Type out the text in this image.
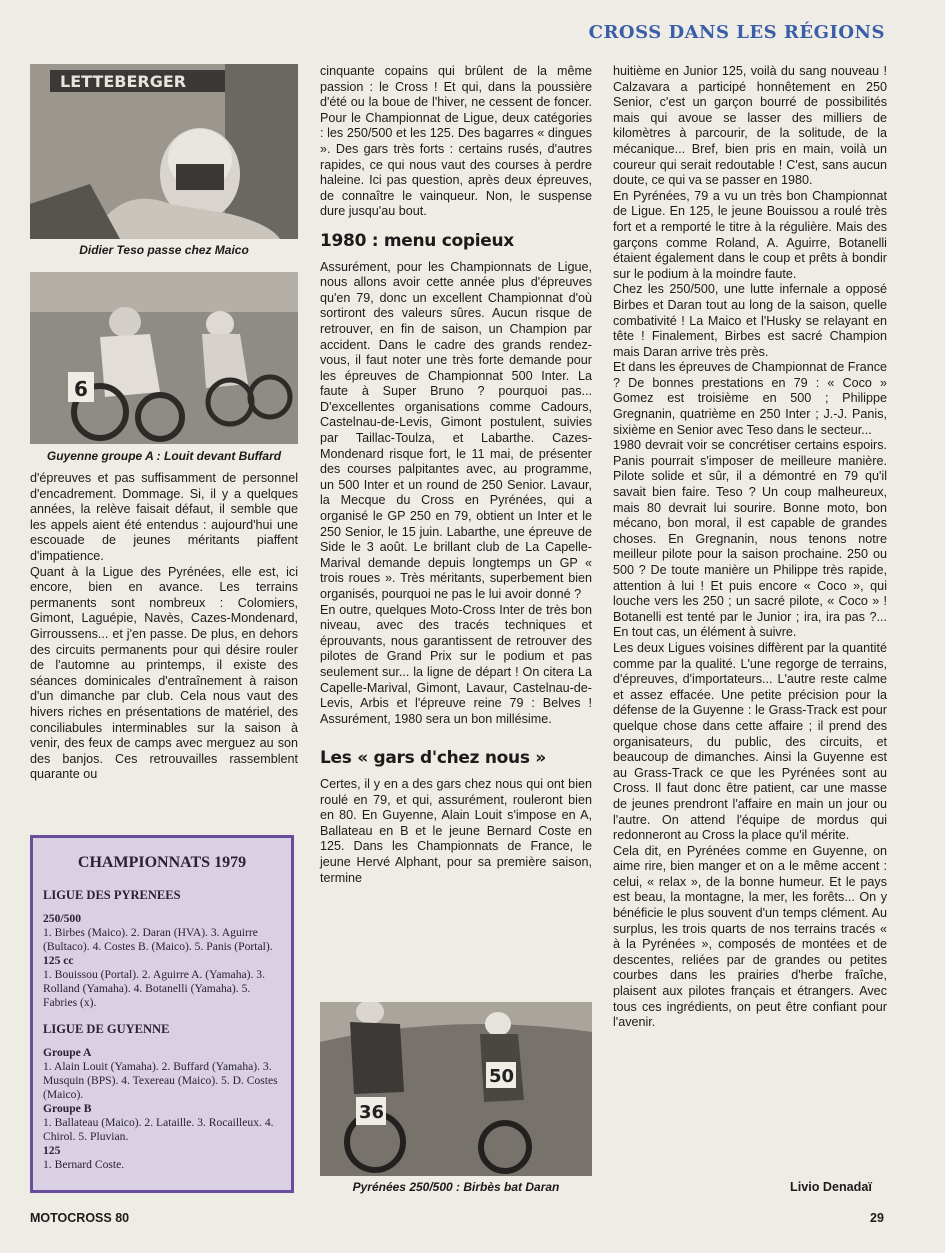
CROSS DANS LES RÉGIONS
LETTEBERGER
Didier Teso passe chez Maico
6
Guyenne groupe A : Louit devant Buffard

d'épreuves et pas suffisamment de personnel d'encadrement. Dommage. Si, il y a quelques années, la relève faisait défaut, il semble que les appels aient été entendus : aujourd'hui une escouade de jeunes méritants piaffent d'impatience.

Quant à la Ligue des Pyrénées, elle est, ici encore, bien en avance. Les terrains permanents sont nombreux : Colomiers, Gimont, Laguépie, Navès, Cazes-Mondenard, Girroussens... et j'en passe. De plus, en dehors des circuits permanents pour qui désire rouler de l'automne au printemps, il existe des séances dominicales d'entraînement à raison d'un dimanche par club. Cela nous vaut des hivers riches en présentations de matériel, des conciliabules interminables sur la saison à venir, des feux de camps avec merguez au son des banjos. Ces retrouvailles rassemblent quarante ou

CHAMPIONNATS 1979
LIGUE DES PYRENEES

250/500

1. Birbes (Maico). 2. Daran (HVA). 3. Aguirre (Bultaco). 4. Costes B. (Maico). 5. Panis (Portal).

125 cc

1. Bouissou (Portal). 2. Aguirre A. (Yamaha). 3. Rolland (Yamaha). 4. Botanelli (Yamaha). 5. Fabries (x).

LIGUE DE GUYENNE

Groupe A

1. Alain Louit (Yamaha). 2. Buffard (Yamaha). 3. Musquin (BPS). 4. Texereau (Maico). 5. D. Costes (Maico).

Groupe B

1. Ballateau (Maico). 2. Lataille. 3. Rocailleux. 4. Chirol. 5. Pluvian.

125

1. Bernard Coste.

cinquante copains qui brûlent de la même passion : le Cross ! Et qui, dans la poussière d'été ou la boue de l'hiver, ne cessent de foncer. Pour le Championnat de Ligue, deux catégories : les 250/500 et les 125. Des bagarres « dingues ». Des gars très forts : certains rusés, d'autres rapides, ce qui nous vaut des courses à perdre haleine. Ici pas question, après deux épreuves, de connaître le vainqueur. Non, le suspense dure jusqu'au bout.

1980 : menu copieux

Assurément, pour les Championnats de Ligue, nous allons avoir cette année plus d'épreuves qu'en 79, donc un excellent Championnat d'où sortiront des valeurs sûres. Aucun risque de retrouver, en fin de saison, un Champion par accident. Dans le cadre des grands rendez-vous, il faut noter une très forte demande pour les épreuves de Championnat 500 Inter. La faute à Super Bruno ? pourquoi pas... D'excellentes organisations comme Cadours, Castelnau-de-Levis, Gimont postulent, suivies par Taillac-Toulza, et Labarthe. Cazes-Mondenard risque fort, le 11 mai, de présenter des courses palpitantes avec, au programme, un 500 Inter et un round de 250 Senior. Lavaur, la Mecque du Cross en Pyrénées, qui a organisé le GP 250 en 79, obtient un Inter et le 250 Senior, le 15 juin. Labarthe, une épreuve de Side le 3 août. Le brillant club de La Capelle-Marival demande depuis longtemps un GP « trois roues ». Très méritants, superbement bien organisés, pourquoi ne pas le lui avoir donné ?

En outre, quelques Moto-Cross Inter de très bon niveau, avec des tracés techniques et éprouvants, nous garantissent de retrouver des pilotes de Grand Prix sur le podium et pas seulement sur... la ligne de départ ! On citera La Capelle-Marival, Gimont, Lavaur, Castelnau-de-Levis, Arbis et l'épreuve reine 79 : Belves ! Assurément, 1980 sera un bon millésime.

Les « gars d'chez nous »

Certes, il y en a des gars chez nous qui ont bien roulé en 79, et qui, assurément, rouleront bien en 80. En Guyenne, Alain Louit s'impose en A, Ballateau en B et le jeune Bernard Coste en 125. Dans les Championnats de France, le jeune Hervé Alphant, pour sa première saison, termine

36
50
Pyrénées 250/500 : Birbès bat Daran

huitième en Junior 125, voilà du sang nouveau ! Calzavara a participé honnêtement en 250 Senior, c'est un garçon bourré de possibilités mais qui avoue se lasser des milliers de kilomètres à parcourir, de la solitude, de la mécanique... Bref, bien pris en main, voilà un coureur qui serait redoutable ! C'est, sans aucun doute, ce qui va se passer en 1980.

En Pyrénées, 79 a vu un très bon Championnat de Ligue. En 125, le jeune Bouissou a roulé très fort et a remporté le titre à la régulière. Mais des garçons comme Roland, A. Aguirre, Botanelli étaient également dans le coup et prêts à bondir sur le podium à la moindre faute.

Chez les 250/500, une lutte infernale a opposé Birbes et Daran tout au long de la saison, quelle combativité ! La Maico et l'Husky se relayant en tête ! Finalement, Birbes est sacré Champion mais Daran arrive très près.

Et dans les épreuves de Championnat de France ? De bonnes prestations en 79 : « Coco » Gomez est troisième en 500 ; Philippe Gregnanin, quatrième en 250 Inter ; J.-J. Panis, sixième en Senior avec Teso dans le secteur...

1980 devrait voir se concrétiser certains espoirs. Panis pourrait s'imposer de meilleure manière. Pilote solide et sûr, il a démontré en 79 qu'il savait bien faire. Teso ? Un coup malheureux, mais 80 devrait lui sourire. Bonne moto, bon mécano, bon moral, il est capable de grandes choses. En Gregnanin, nous tenons notre meilleur pilote pour la saison prochaine. 250 ou 500 ? De toute manière un Philippe très rapide, attention à lui ! Et puis encore « Coco », qui louche vers les 250 ; un sacré pilote, « Coco » ! Botanelli est tenté par le Junior ; ira, ira pas ?... En tout cas, un élément à suivre.

Les deux Ligues voisines diffèrent par la quantité comme par la qualité. L'une regorge de terrains, d'épreuves, d'importateurs... L'autre reste calme et assez effacée. Une petite précision pour la défense de la Guyenne : le Grass-Track est pour quelque chose dans cette affaire ; il prend des organisateurs, du public, des circuits, et beaucoup de dimanches. Ainsi la Guyenne est au Grass-Track ce que les Pyrénées sont au Cross. Il faut donc être patient, car une masse de jeunes prendront l'affaire en main un jour ou l'autre. On attend l'équipe de mordus qui redonneront au Cross la place qu'il mérite.

Cela dit, en Pyrénées comme en Guyenne, on aime rire, bien manger et on a le même accent : celui, « relax », de la bonne humeur. Et le pays est beau, la montagne, la mer, les forêts... On y bénéficie le plus souvent d'un temps clément. Au surplus, les trois quarts de nos terrains tracés « à la Pyrénées », composés de montées et de descentes, reliées par de grandes ou petites courbes dans les prairies d'herbe fraîche, plaisent aux pilotes français et étrangers. Avec tous ces ingrédients, on peut être confiant pour l'avenir.

Livio Denadaï
MOTOCROSS 80	29
